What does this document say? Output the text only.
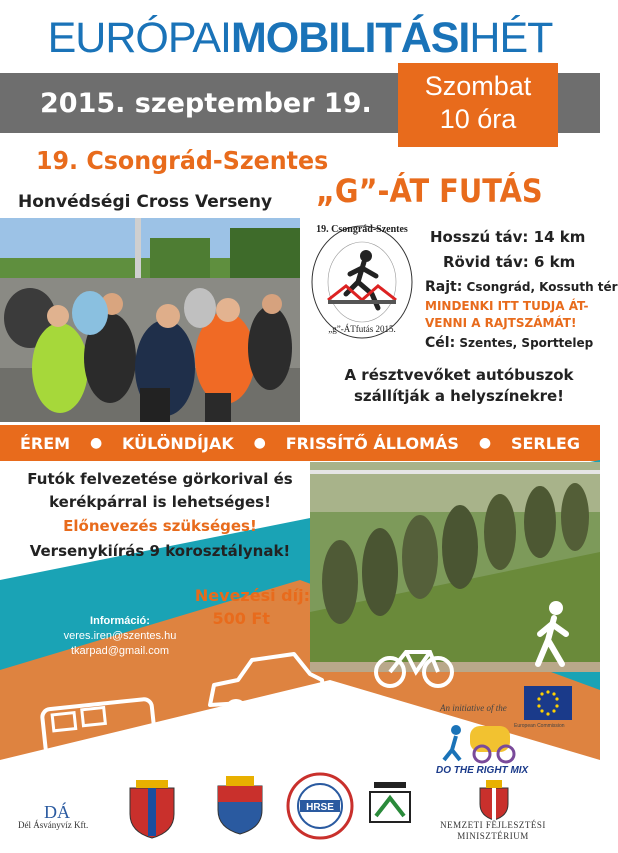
EURÓPAIMOBILITÁSIHÉT
2015. szeptember 19.
Szombat
10 óra
19. Csongrád-Szentes
Honvédségi Cross Verseny „G”-ÁT FUTÁS
19. Csongrád-Szentes
„g”-ÁTfutás 2015.
Hosszú táv: 14 km
Rövid táv: 6 km
Rajt: Csongrád, Kossuth tér
MINDENKI ITT TUDJA ÁT-VENNI A RAJTSZÁMÁT!
Cél: Szentes, Sporttelep
A résztvevőket autóbuszok szállítják a helyszínekre!
ÉREM ● KÜLÖNDÍJAK ● FRISSÍTŐ ÁLLOMÁS ● SERLEG
Futók felvezetése görkorival és
kerékpárral is lehetséges!
Előnevezés szükséges!
Versenykiírás 9 korosztálynak!
Nevezési díj:
500 Ft
Információ:
veres.iren@szentes.hu
tkarpad@gmail.com
An initiative of the
European Commission
DO THE RIGHT MIX
DÁ
Dél Ásványvíz Kft.
HRSE
NEMZETI FEJLESZTÉSI
MINISZTÉRIUM
